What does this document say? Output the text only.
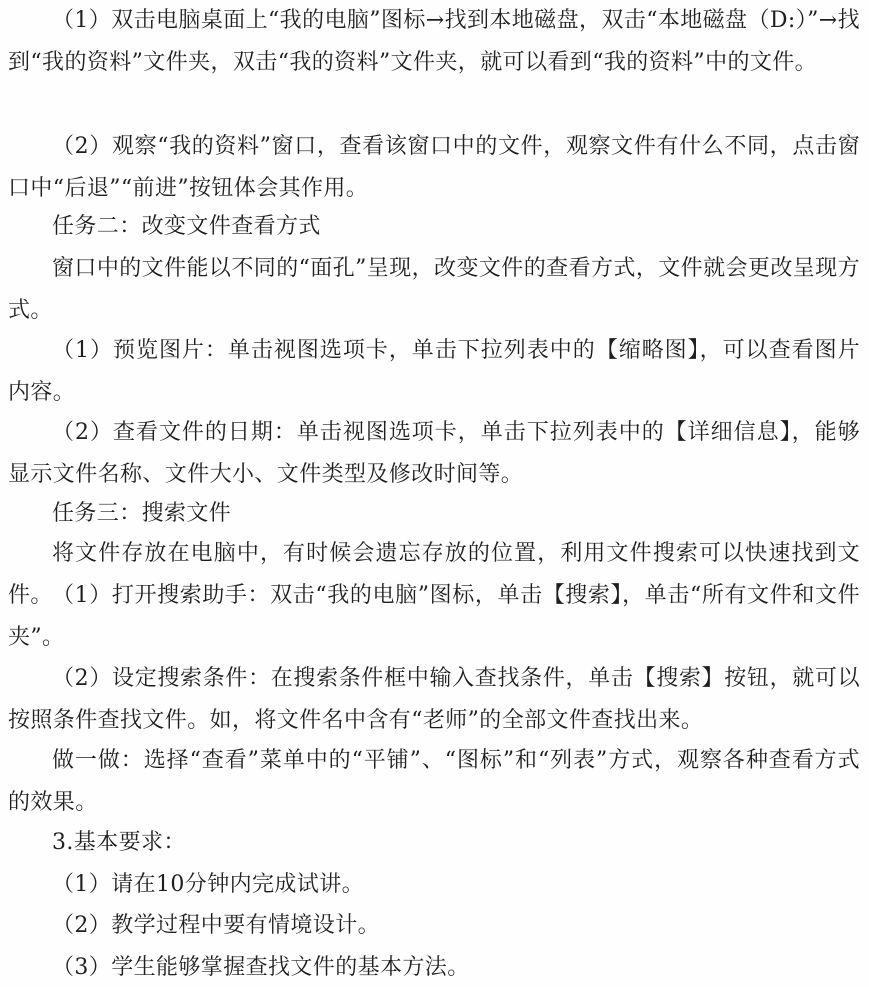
（1）双击电脑桌面上“我的电脑”图标→找到本地磁盘，双击“本地磁盘（D:）”→找到“我的资料”文件夹，双击“我的资料”文件夹，就可以看到“我的资料”中的文件。

（2）观察“我的资料”窗口，查看该窗口中的文件，观察文件有什么不同，点击窗口中“后退”“前进”按钮体会其作用。

任务二：改变文件查看方式

窗口中的文件能以不同的“面孔”呈现，改变文件的查看方式，文件就会更改呈现方式。

（1）预览图片：单击视图选项卡，单击下拉列表中的【缩略图】，可以查看图片内容。

（2）查看文件的日期：单击视图选项卡，单击下拉列表中的【详细信息】，能够显示文件名称、文件大小、文件类型及修改时间等。

任务三：搜索文件

将文件存放在电脑中，有时候会遗忘存放的位置，利用文件搜索可以快速找到文件。 （1）打开搜索助手：双击“我的电脑”图标，单击【搜索】，单击“所有文件和文件夹”。

（2）设定搜索条件：在搜索条件框中输入查找条件，单击【搜索】按钮，就可以按照条件查找文件。如，将文件名中含有“老师”的全部文件查找出来。

做一做：选择“查看”菜单中的“平铺”、“图标”和“列表”方式，观察各种查看方式的效果。

3.基本要求：

（1）请在10分钟内完成试讲。

（2）教学过程中要有情境设计。

（3）学生能够掌握查找文件的基本方法。
